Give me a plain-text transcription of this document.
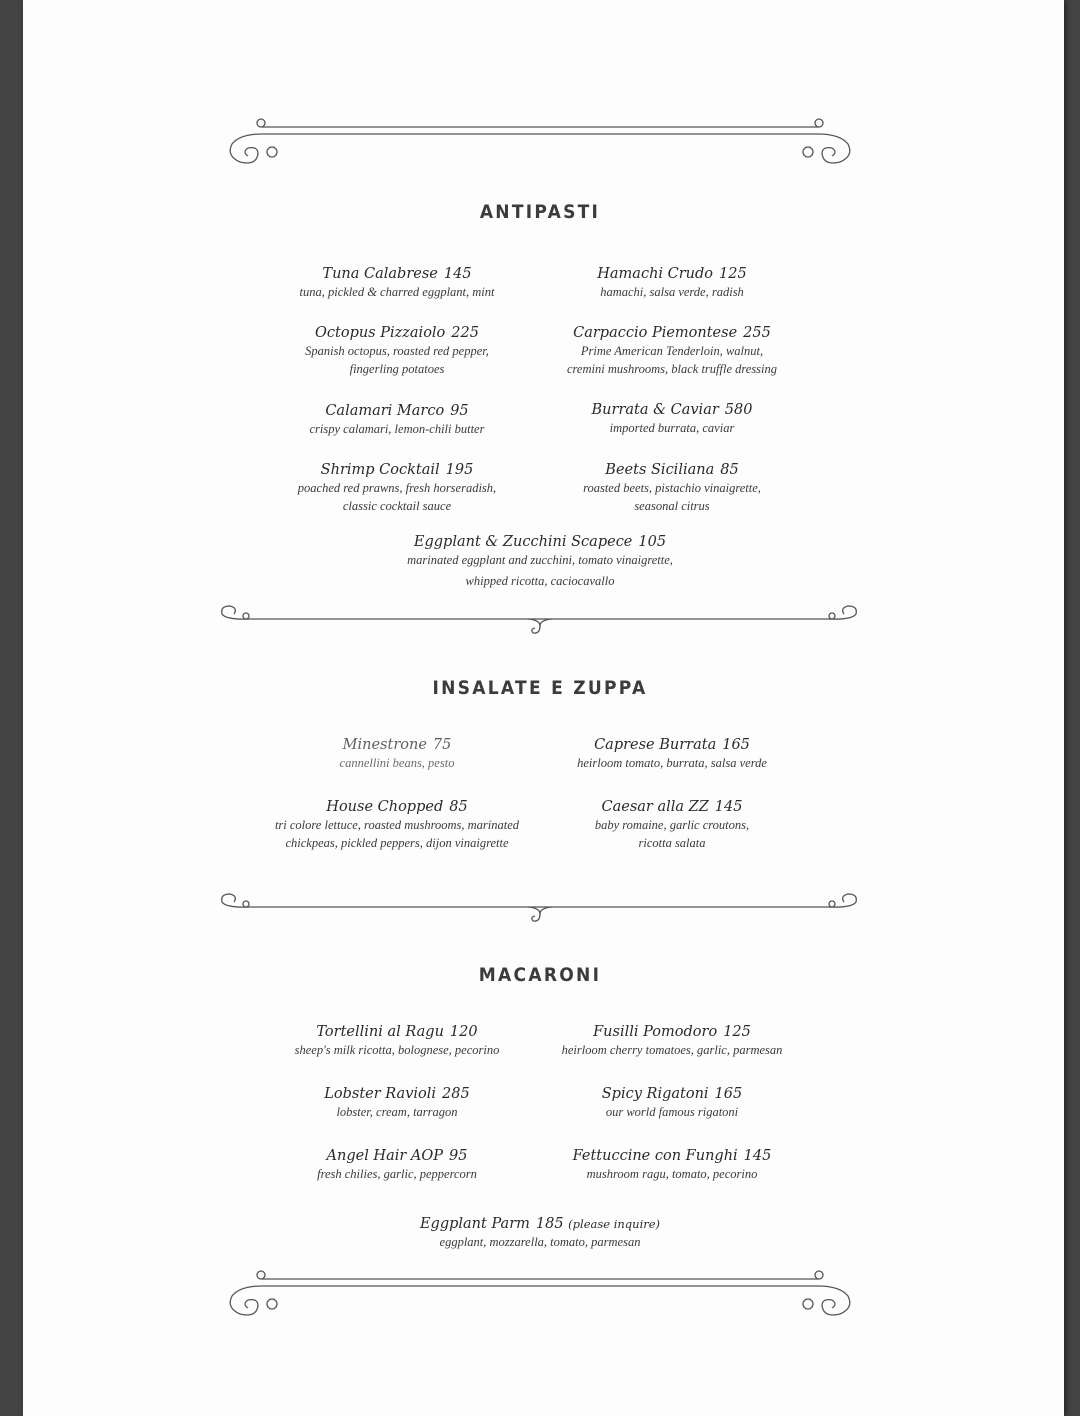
ANTIPASTI
Tuna Calabrese 145
tuna, pickled & charred eggplant, mint
Hamachi Crudo 125
hamachi, salsa verde, radish
Octopus Pizzaiolo 225
Spanish octopus, roasted red pepper,
fingerling potatoes
Carpaccio Piemontese 255
Prime American Tenderloin, walnut,
cremini mushrooms, black truffle dressing
Calamari Marco 95
crispy calamari, lemon-chili butter
Burrata & Caviar 580
imported burrata, caviar
Shrimp Cocktail 195
poached red prawns, fresh horseradish,
classic cocktail sauce
Beets Siciliana 85
roasted beets, pistachio vinaigrette,
seasonal citrus
Eggplant & Zucchini Scapece 105
marinated eggplant and zucchini, tomato vinaigrette,
whipped ricotta, caciocavallo
INSALATE E ZUPPA
Minestrone 75
cannellini beans, pesto
Caprese Burrata 165
heirloom tomato, burrata, salsa verde
House Chopped 85
tri colore lettuce, roasted mushrooms, marinated
chickpeas, pickled peppers, dijon vinaigrette
Caesar alla ZZ 145
baby romaine, garlic croutons,
ricotta salata
MACARONI
Tortellini al Ragu 120
sheep's milk ricotta, bolognese, pecorino
Fusilli Pomodoro 125
heirloom cherry tomatoes, garlic, parmesan
Lobster Ravioli 285
lobster, cream, tarragon
Spicy Rigatoni 165
our world famous rigatoni
Angel Hair AOP 95
fresh chilies, garlic, peppercorn
Fettuccine con Funghi 145
mushroom ragu, tomato, pecorino
Eggplant Parm 185 (please inquire)
eggplant, mozzarella, tomato, parmesan
